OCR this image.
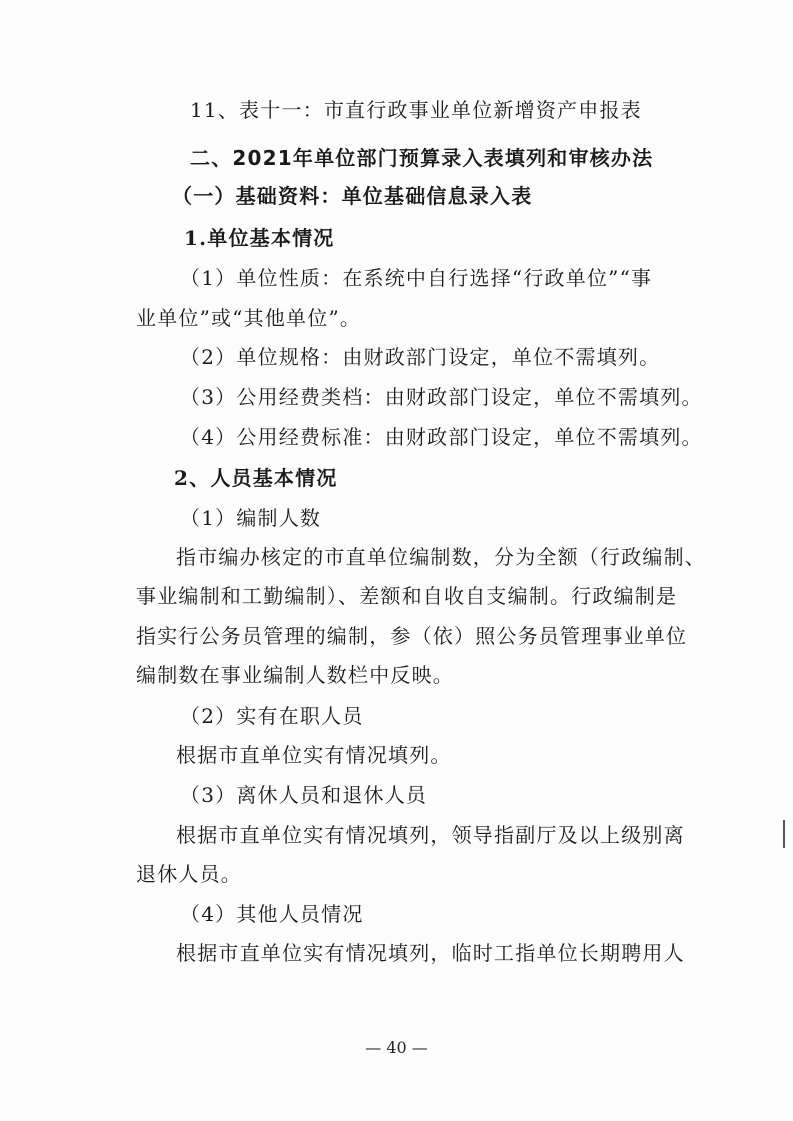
11、表十一：市直行政事业单位新增资产申报表
二、2021年单位部门预算录入表填列和审核办法
（一）基础资料：单位基础信息录入表
1.单位基本情况
（1）单位性质：在系统中自行选择“行政单位”“事
业单位”或“其他单位”。
（2）单位规格：由财政部门设定，单位不需填列。
（3）公用经费类档：由财政部门设定，单位不需填列。
（4）公用经费标准：由财政部门设定，单位不需填列。
2、人员基本情况
（1）编制人数
指市编办核定的市直单位编制数，分为全额（行政编制、
事业编制和工勤编制）、差额和自收自支编制。行政编制是
指实行公务员管理的编制，参（依）照公务员管理事业单位
编制数在事业编制人数栏中反映。
（2）实有在职人员
根据市直单位实有情况填列。
（3）离休人员和退休人员
根据市直单位实有情况填列，领导指副厅及以上级别离
退休人员。
（4）其他人员情况
根据市直单位实有情况填列，临时工指单位长期聘用人
— 40 —
